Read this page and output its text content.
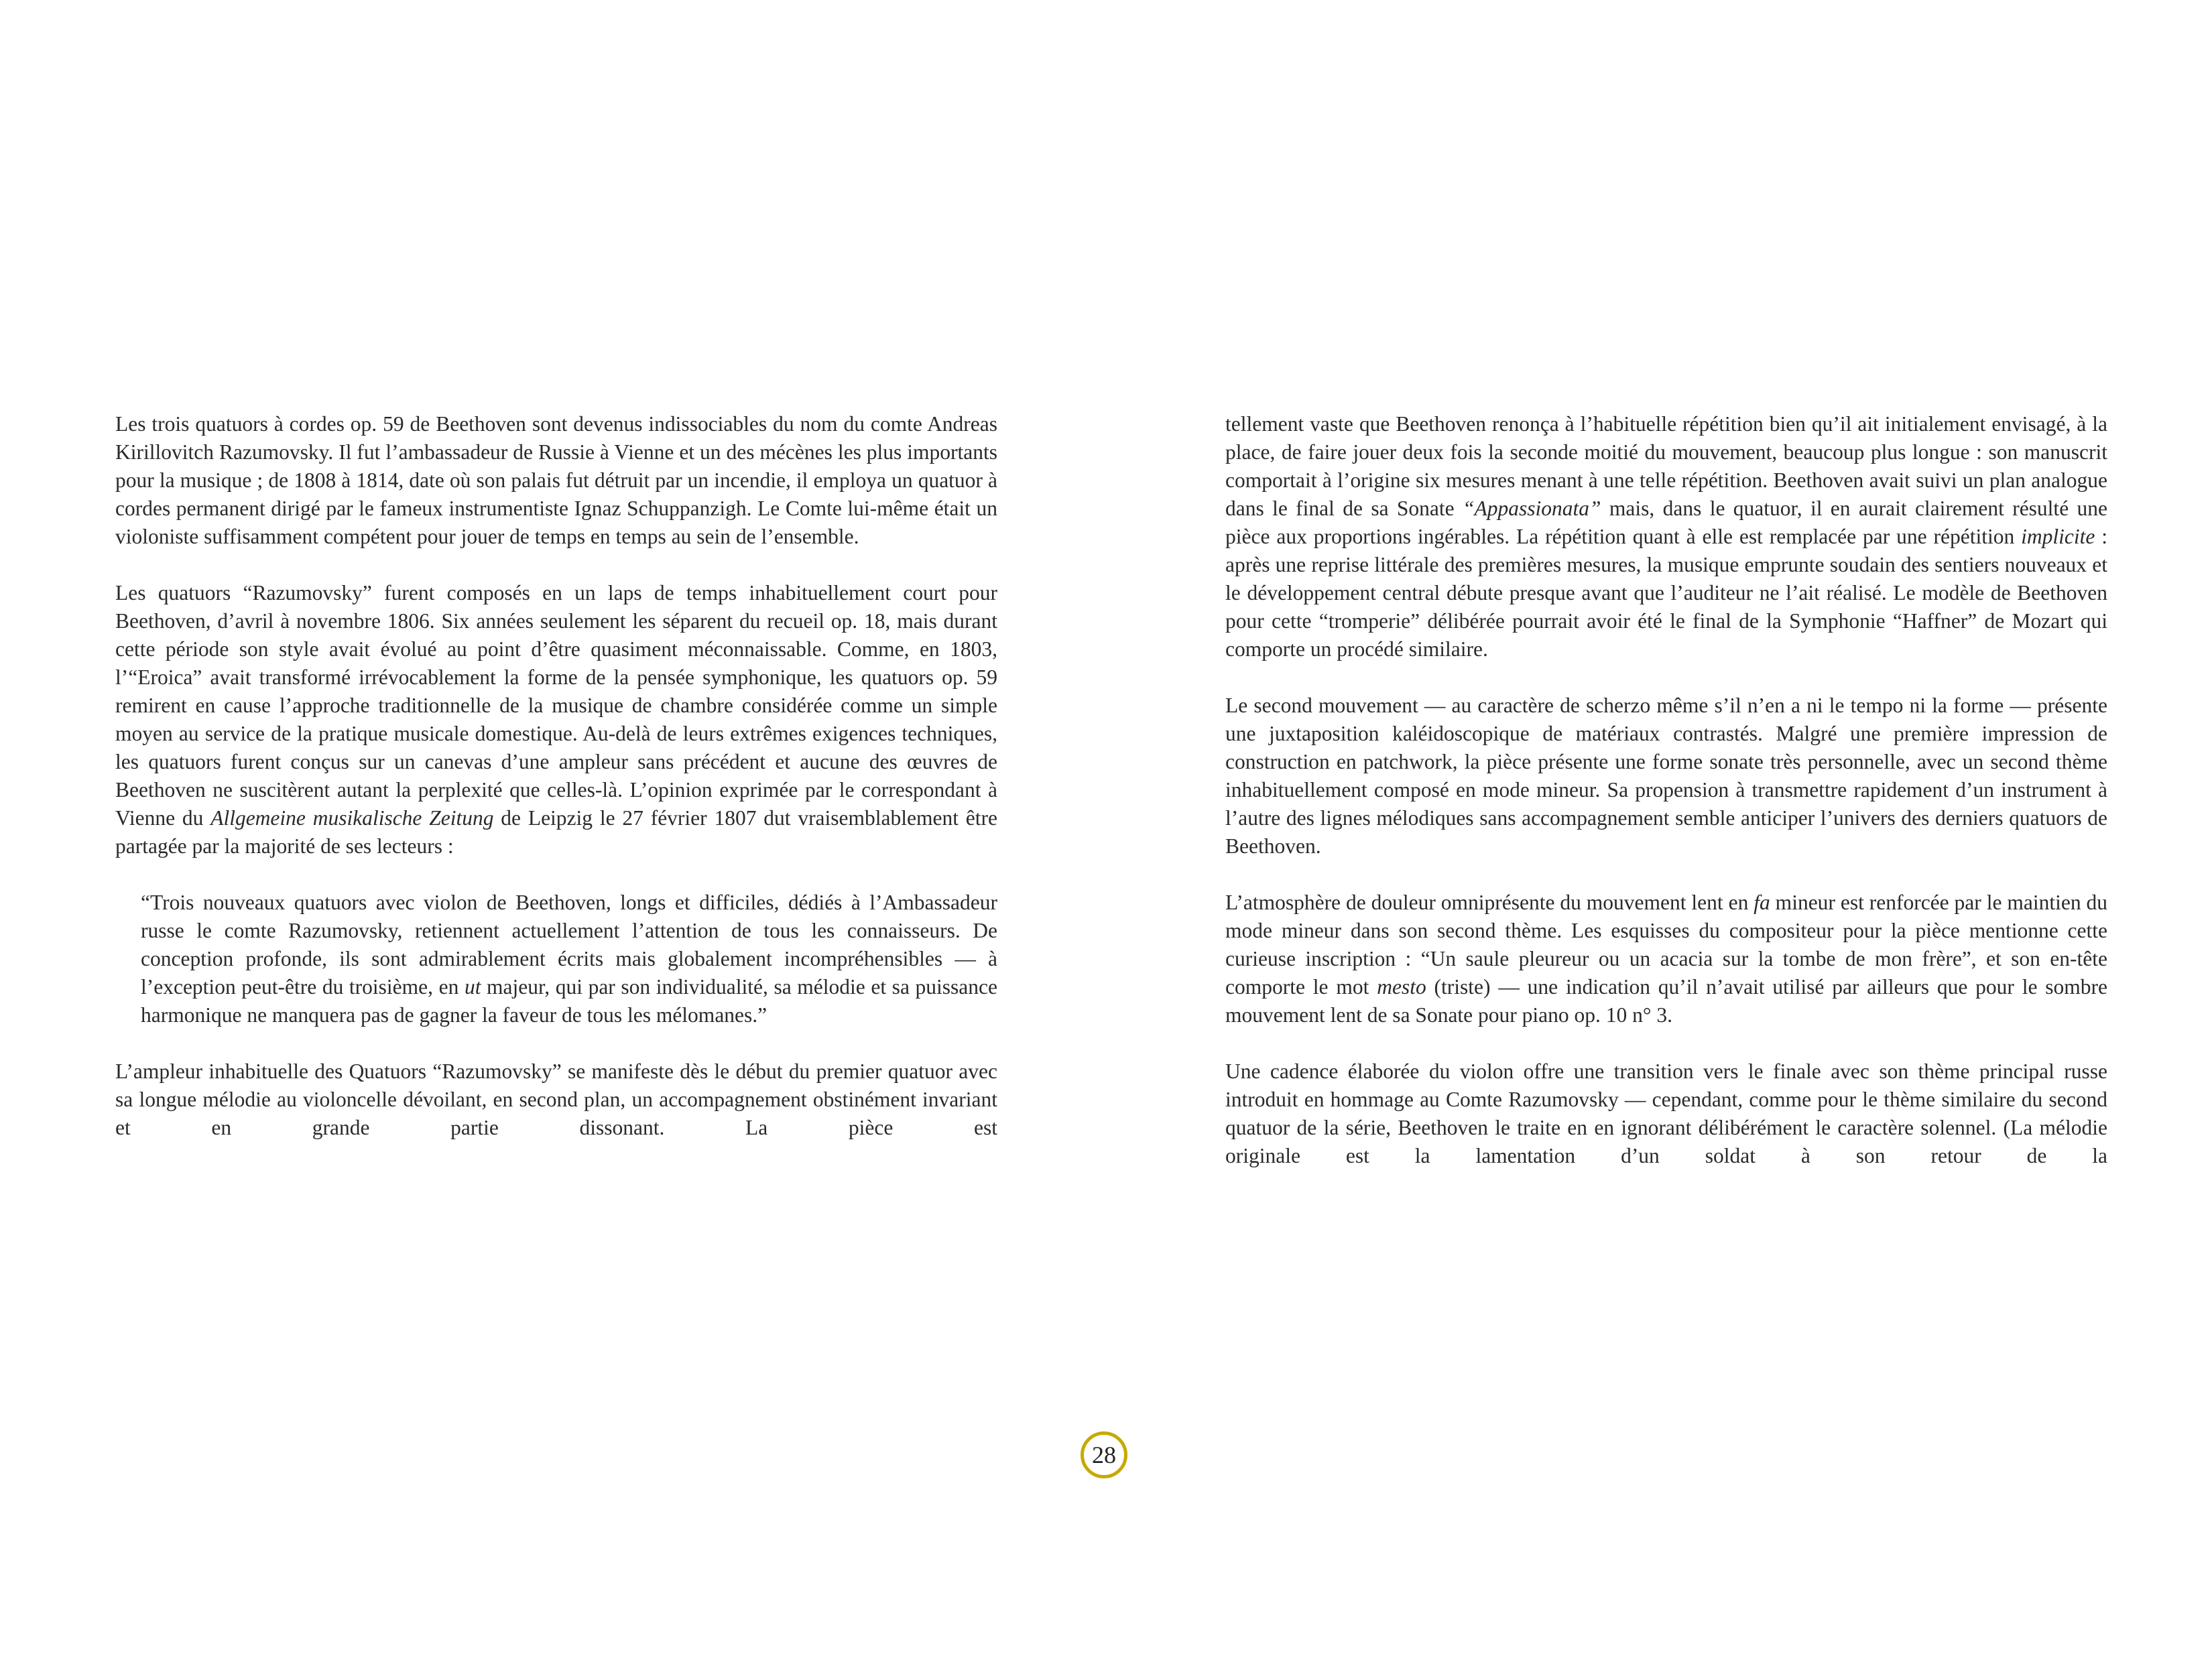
Les trois quatuors à cordes op. 59 de Beethoven sont devenus indissociables du nom du comte Andreas Kirillovitch Razumovsky. Il fut l’ambassadeur de Russie à Vienne et un des mécènes les plus importants pour la musique ; de 1808 à 1814, date où son palais fut détruit par un incendie, il employa un quatuor à cordes permanent dirigé par le fameux instrumentiste Ignaz Schuppanzigh. Le Comte lui-même était un violoniste suffisamment compétent pour jouer de temps en temps au sein de l’ensemble.

Les quatuors “Razumovsky” furent composés en un laps de temps inhabituellement court pour Beethoven, d’avril à novembre 1806. Six années seulement les séparent du recueil op. 18, mais durant cette période son style avait évolué au point d’être quasiment méconnaissable. Comme, en 1803, l’“Eroica” avait transformé irrévocablement la forme de la pensée symphonique, les quatuors op. 59 remirent en cause l’approche traditionnelle de la musique de chambre considérée comme un simple moyen au service de la pratique musicale domestique. Au-delà de leurs extrêmes exigences techniques, les quatuors furent conçus sur un canevas d’une ampleur sans précédent et aucune des œuvres de Beethoven ne suscitèrent autant la perplexité que celles-là. L’opinion exprimée par le correspondant à Vienne du Allgemeine musikalische Zeitung de Leipzig le 27 février 1807 dut vraisemblablement être partagée par la majorité de ses lecteurs :

“Trois nouveaux quatuors avec violon de Beethoven, longs et difficiles, dédiés à l’Ambassadeur russe le comte Razumovsky, retiennent actuellement l’attention de tous les connaisseurs. De conception profonde, ils sont admirablement écrits mais globalement incompréhensibles — à l’exception peut-être du troisième, en ut majeur, qui par son individualité, sa mélodie et sa puissance harmonique ne manquera pas de gagner la faveur de tous les mélomanes.”

L’ampleur inhabituelle des Quatuors “Razumovsky” se manifeste dès le début du premier quatuor avec sa longue mélodie au violoncelle dévoilant, en second plan, un accompagnement obstinément invariant et en grande partie dissonant. La pièce est

tellement vaste que Beethoven renonça à l’habituelle répétition bien qu’il ait initialement envisagé, à la place, de faire jouer deux fois la seconde moitié du mouvement, beaucoup plus longue : son manuscrit comportait à l’origine six mesures menant à une telle répétition. Beethoven avait suivi un plan analogue dans le final de sa Sonate “Appassionata” mais, dans le quatuor, il en aurait clairement résulté une pièce aux proportions ingérables. La répétition quant à elle est remplacée par une répétition implicite : après une reprise littérale des premières mesures, la musique emprunte soudain des sentiers nouveaux et le développement central débute presque avant que l’auditeur ne l’ait réalisé. Le modèle de Beethoven pour cette “tromperie” délibérée pourrait avoir été le final de la Symphonie “Haffner” de Mozart qui comporte un procédé similaire.

Le second mouvement — au caractère de scherzo même s’il n’en a ni le tempo ni la forme — présente une juxtaposition kaléidoscopique de matériaux contrastés. Malgré une première impression de construction en patchwork, la pièce présente une forme sonate très personnelle, avec un second thème inhabituellement composé en mode mineur. Sa propension à transmettre rapidement d’un instrument à l’autre des lignes mélodiques sans accompagnement semble anticiper l’univers des derniers quatuors de Beethoven.

L’atmosphère de douleur omniprésente du mouvement lent en fa mineur est renforcée par le maintien du mode mineur dans son second thème. Les esquisses du compositeur pour la pièce mentionne cette curieuse inscription : “Un saule pleureur ou un acacia sur la tombe de mon frère”, et son en-tête comporte le mot mesto (triste) — une indication qu’il n’avait utilisé par ailleurs que pour le sombre mouvement lent de sa Sonate pour piano op. 10 n° 3.

Une cadence élaborée du violon offre une transition vers le finale avec son thème principal russe introduit en hommage au Comte Razumovsky — cependant, comme pour le thème similaire du second quatuor de la série, Beethoven le traite en en ignorant délibérément le caractère solennel. (La mélodie originale est la lamentation d’un soldat à son retour de la

28
